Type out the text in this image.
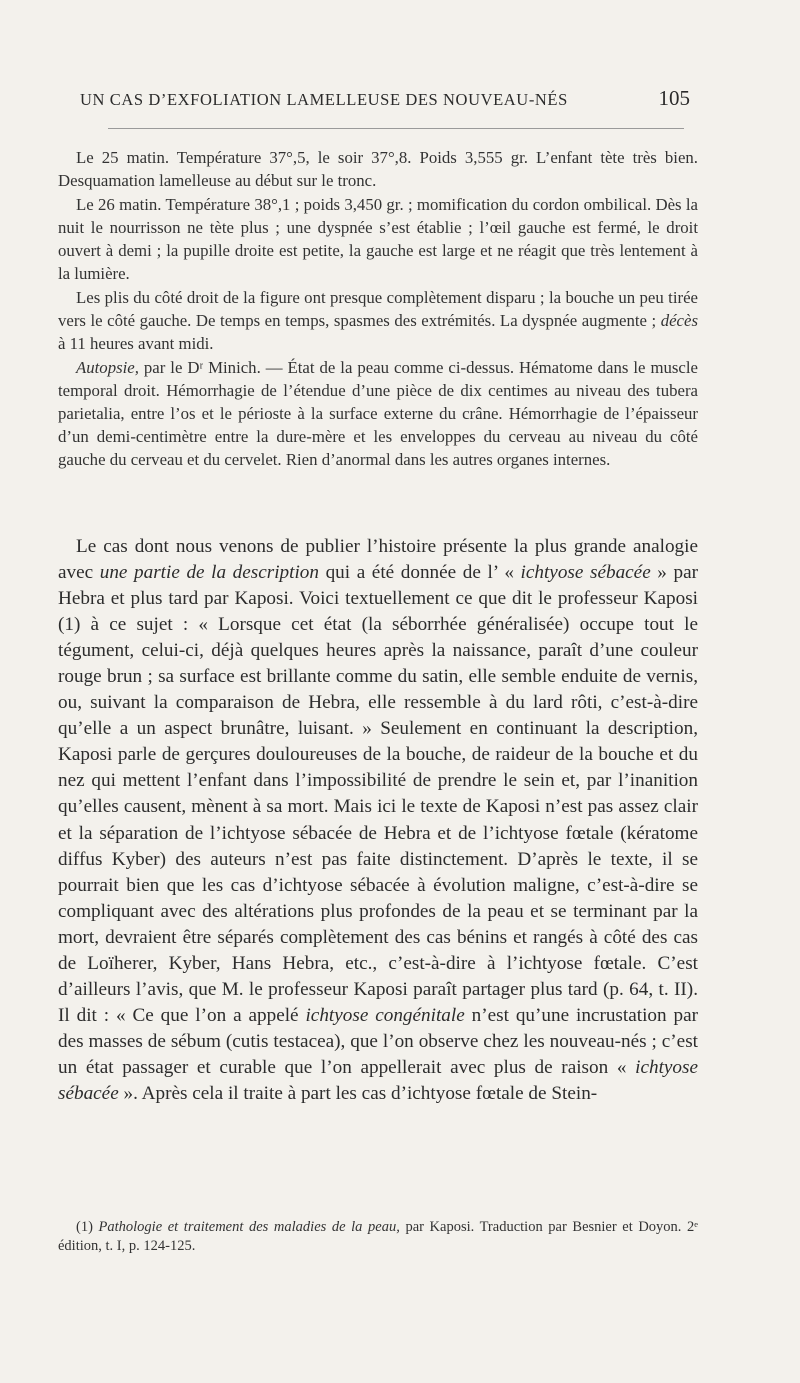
UN CAS D’EXFOLIATION LAMELLEUSE DES NOUVEAU-NÉS	105

Le 25 matin. Température 37°,5, le soir 37°,8. Poids 3,555 gr. L’enfant tète très bien. Desquamation lamelleuse au début sur le tronc.

Le 26 matin. Température 38°,1 ; poids 3,450 gr. ; momification du cordon ombilical. Dès la nuit le nourrisson ne tète plus ; une dyspnée s’est établie ; l’œil gauche est fermé, le droit ouvert à demi ; la pupille droite est petite, la gauche est large et ne réagit que très lentement à la lumière.

Les plis du côté droit de la figure ont presque complètement disparu ; la bouche un peu tirée vers le côté gauche. De temps en temps, spasmes des extrémités. La dyspnée augmente ; décès à 11 heures avant midi.

Autopsie, par le Dʳ Minich. — État de la peau comme ci-dessus. Hématome dans le muscle temporal droit. Hémorrhagie de l’étendue d’une pièce de dix centimes au niveau des tubera parietalia, entre l’os et le périoste à la surface externe du crâne. Hémorrhagie de l’épaisseur d’un demi-centimètre entre la dure-mère et les enveloppes du cerveau au niveau du côté gauche du cerveau et du cervelet. Rien d’anormal dans les autres organes internes.

Le cas dont nous venons de publier l’histoire présente la plus grande analogie avec une partie de la description qui a été donnée de l’ « ichtyose sébacée » par Hebra et plus tard par Kaposi. Voici textuellement ce que dit le professeur Kaposi (1) à ce sujet : « Lorsque cet état (la séborrhée généralisée) occupe tout le tégument, celui-ci, déjà quelques heures après la naissance, paraît d’une couleur rouge brun ; sa surface est brillante comme du satin, elle semble enduite de vernis, ou, suivant la comparaison de Hebra, elle ressemble à du lard rôti, c’est-à-dire qu’elle a un aspect brunâtre, luisant. » Seulement en continuant la description, Kaposi parle de gerçures douloureuses de la bouche, de raideur de la bouche et du nez qui mettent l’enfant dans l’impossibilité de prendre le sein et, par l’inanition qu’elles causent, mènent à sa mort. Mais ici le texte de Kaposi n’est pas assez clair et la séparation de l’ichtyose sébacée de Hebra et de l’ichtyose fœtale (kératome diffus Kyber) des auteurs n’est pas faite distinctement. D’après le texte, il se pourrait bien que les cas d’ichtyose sébacée à évolution maligne, c’est-à-dire se compliquant avec des altérations plus profondes de la peau et se terminant par la mort, devraient être séparés complètement des cas bénins et rangés à côté des cas de Loïherer, Kyber, Hans Hebra, etc., c’est-à-dire à l’ichtyose fœtale. C’est d’ailleurs l’avis, que M. le professeur Kaposi paraît partager plus tard (p. 64, t. II). Il dit : « Ce que l’on a appelé ichtyose congénitale n’est qu’une incrustation par des masses de sébum (cutis testacea), que l’on observe chez les nouveau-nés ; c’est un état passager et curable que l’on appellerait avec plus de raison « ichtyose sébacée ». Après cela il traite à part les cas d’ichtyose fœtale de Stein-

(1) Pathologie et traitement des maladies de la peau, par Kaposi. Traduction par Besnier et Doyon. 2ᵉ édition, t. I, p. 124-125.
